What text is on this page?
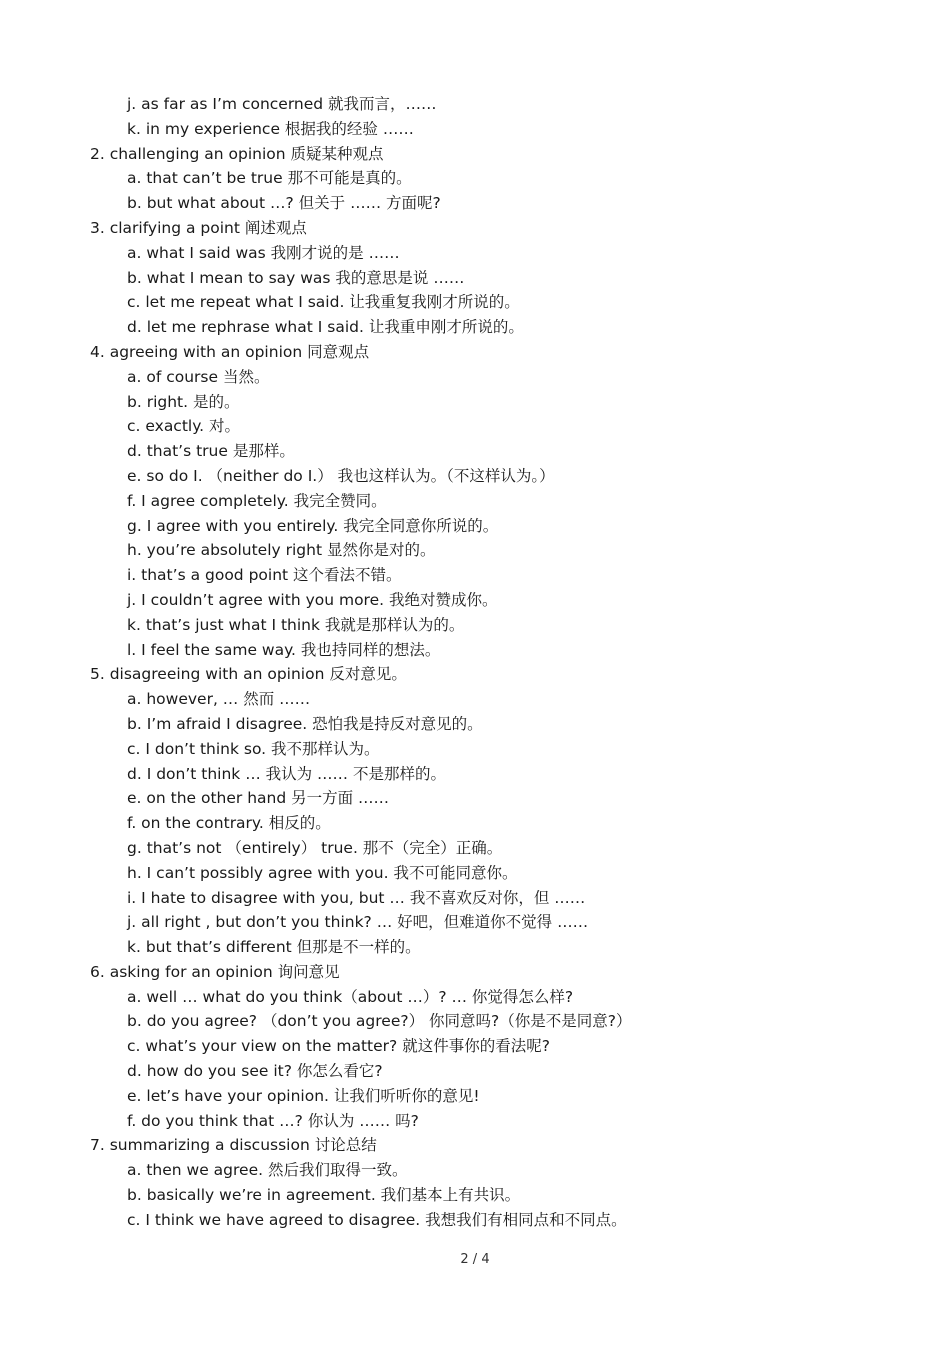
j. as far as I’m concerned 就我而言，……
k. in my experience 根据我的经验 ……
2. challenging an opinion 质疑某种观点
a. that can’t be true 那不可能是真的。
b. but what about …? 但关于 …… 方面呢?
3. clarifying a point 阐述观点
a. what I said was 我刚才说的是 ……
b. what I mean to say was 我的意思是说 ……
c. let me repeat what I said. 让我重复我刚才所说的。
d. let me rephrase what I said. 让我重申刚才所说的。
4. agreeing with an opinion 同意观点
a. of course 当然。
b. right. 是的。
c. exactly. 对。
d. that’s true 是那样。
e. so do I. （neither do I.） 我也这样认为。（不这样认为。）
f. I agree completely. 我完全赞同。
g. I agree with you entirely. 我完全同意你所说的。
h. you’re absolutely right 显然你是对的。
i. that’s a good point 这个看法不错。
j. I couldn’t agree with you more. 我绝对赞成你。
k. that’s just what I think 我就是那样认为的。
l. I feel the same way. 我也持同样的想法。
5. disagreeing with an opinion 反对意见。
a. however, … 然而 ……
b. I’m afraid I disagree. 恐怕我是持反对意见的。
c. I don’t think so. 我不那样认为。
d. I don’t think … 我认为 …… 不是那样的。
e. on the other hand 另一方面 ……
f. on the contrary. 相反的。
g. that’s not （entirely） true. 那不（完全）正确。
h. I can’t possibly agree with you. 我不可能同意你。
i. I hate to disagree with you, but … 我不喜欢反对你，但 ……
j. all right , but don’t you think? … 好吧，但难道你不觉得 ……
k. but that’s different 但那是不一样的。
6. asking for an opinion 询问意见
a. well … what do you think（about …）? … 你觉得怎么样?
b. do you agree? （don’t you agree?） 你同意吗?（你是不是同意?）
c. what’s your view on the matter? 就这件事你的看法呢?
d. how do you see it? 你怎么看它?
e. let’s have your opinion. 让我们听听你的意见!
f. do you think that …? 你认为 …… 吗?
7. summarizing a discussion 讨论总结
a. then we agree. 然后我们取得一致。
b. basically we’re in agreement. 我们基本上有共识。
c. I think we have agreed to disagree. 我想我们有相同点和不同点。
2 / 4
